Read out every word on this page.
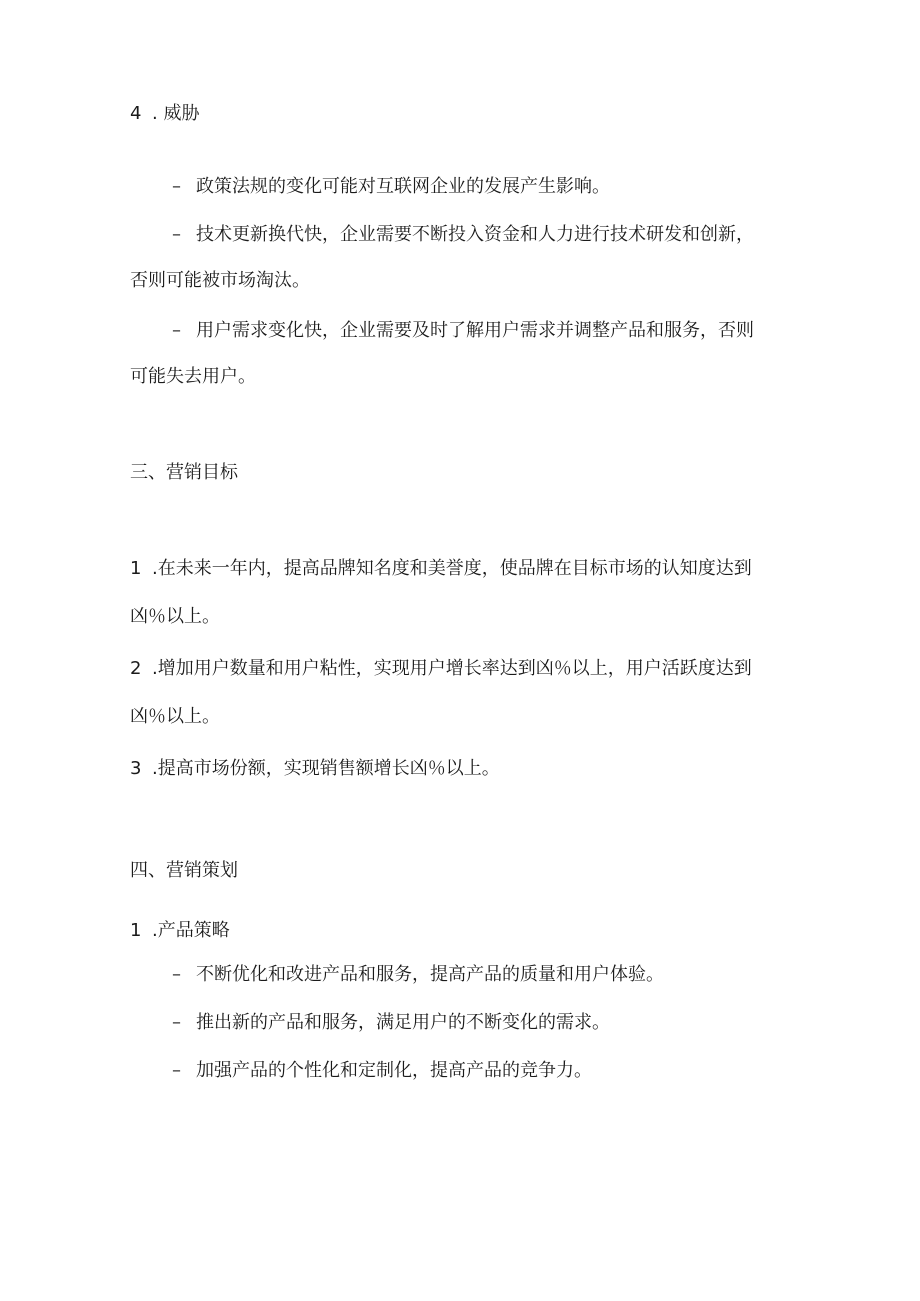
4 . 威胁
– 政策法规的变化可能对互联网企业的发展产生影响。
– 技术更新换代快，企业需要不断投入资金和人力进行技术研发和创新，
否则可能被市场淘汰。
– 用户需求变化快，企业需要及时了解用户需求并调整产品和服务，否则
可能失去用户。
三、营销目标
1 .在未来一年内，提高品牌知名度和美誉度，使品牌在目标市场的认知度达到
凶％以上。
2 .增加用户数量和用户粘性，实现用户增长率达到凶％以上，用户活跃度达到
凶％以上。
3 .提高市场份额，实现销售额增长凶％以上。
四、营销策划
1 .产品策略
– 不断优化和改进产品和服务，提高产品的质量和用户体验。
– 推出新的产品和服务，满足用户的不断变化的需求。
– 加强产品的个性化和定制化，提高产品的竞争力。
